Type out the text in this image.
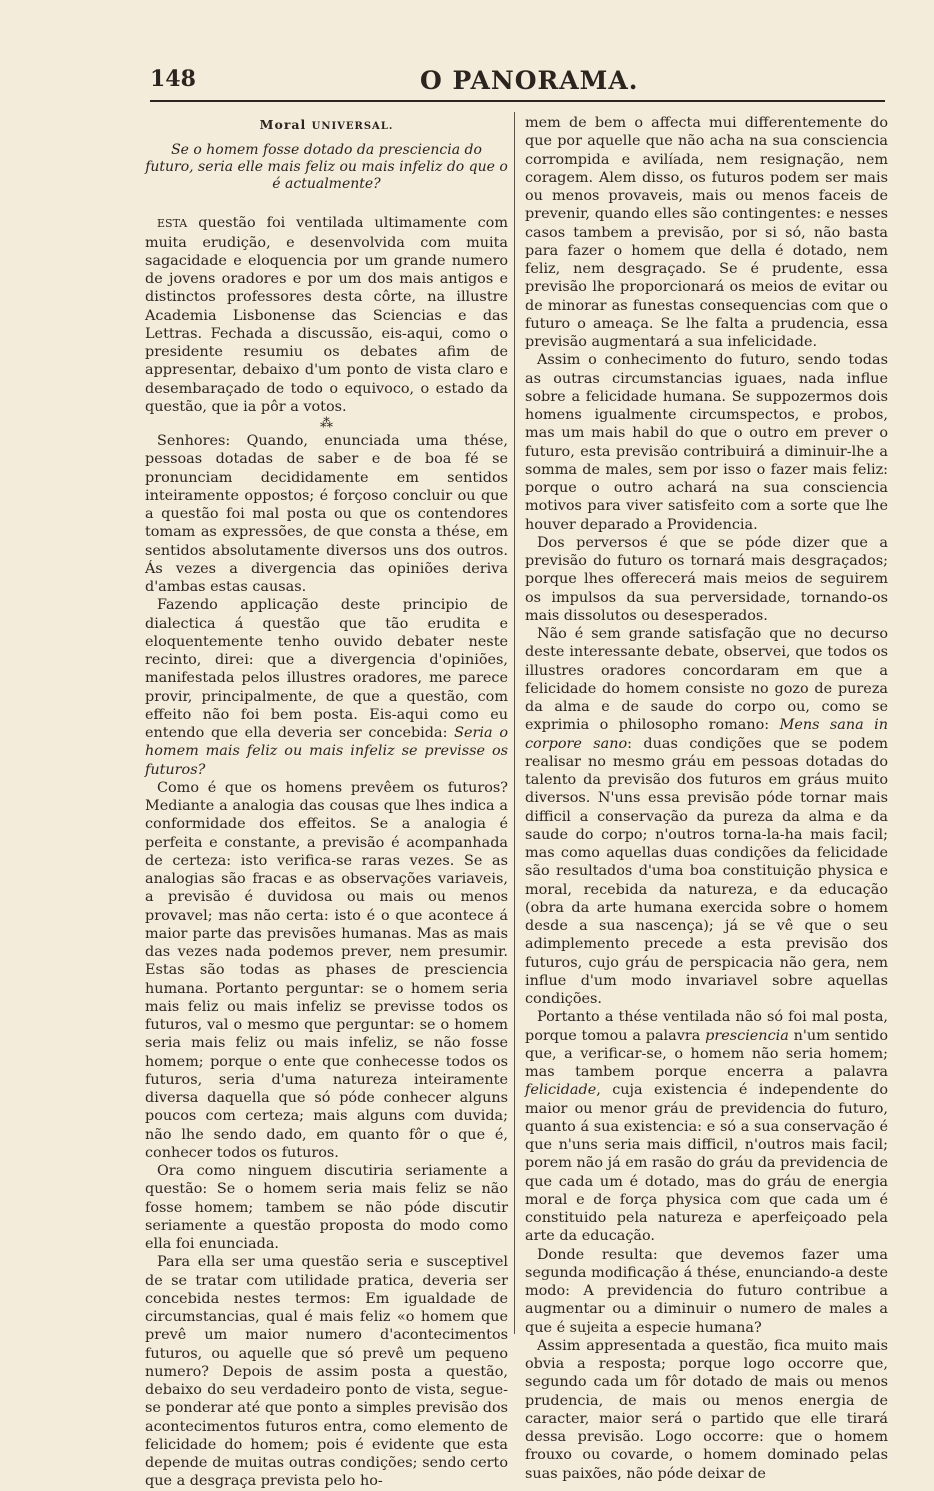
148	O PANORAMA.
Moral UNIVERSAL.
Se o homem fosse dotado da presciencia do futuro, seria elle mais feliz ou mais infeliz do que o é actualmente?

ESTA questão foi ventilada ultimamente com muita erudição, e desenvolvida com muita sagacidade e eloquencia por um grande numero de jovens oradores e por um dos mais antigos e distinctos professores desta côrte, na illustre Academia Lisbonense das Sciencias e das Lettras. Fechada a discussão, eis-aqui, como o presidente resumiu os debates afim de appresentar, debaixo d'um ponto de vista claro e desembaraçado de todo o equivoco, o estado da questão, que ia pôr a votos.

⁂

Senhores: Quando, enunciada uma thése, pessoas dotadas de saber e de boa fé se pronunciam decididamente em sentidos inteiramente oppostos; é forçoso concluir ou que a questão foi mal posta ou que os contendores tomam as expressões, de que consta a thése, em sentidos absolutamente diversos uns dos outros. Ás vezes a divergencia das opiniões deriva d'ambas estas causas.

Fazendo applicação deste principio de dialectica á questão que tão erudita e eloquentemente tenho ouvido debater neste recinto, direi: que a divergencia d'opiniões, manifestada pelos illustres oradores, me parece provir, principalmente, de que a questão, com effeito não foi bem posta. Eis-aqui como eu entendo que ella deveria ser concebida: Seria o homem mais feliz ou mais infeliz se previsse os futuros?

Como é que os homens prevêem os futuros? Mediante a analogia das cousas que lhes indica a conformidade dos effeitos. Se a analogia é perfeita e constante, a previsão é acompanhada de certeza: isto verifica-se raras vezes. Se as analogias são fracas e as observações variaveis, a previsão é duvidosa ou mais ou menos provavel; mas não certa: isto é o que acontece á maior parte das previsões humanas. Mas as mais das vezes nada podemos prever, nem presumir. Estas são todas as phases de presciencia humana. Portanto perguntar: se o homem seria mais feliz ou mais infeliz se previsse todos os futuros, val o mesmo que perguntar: se o homem seria mais feliz ou mais infeliz, se não fosse homem; porque o ente que conhecesse todos os futuros, seria d'uma natureza inteiramente diversa daquella que só póde conhecer alguns poucos com certeza; mais alguns com duvida; não lhe sendo dado, em quanto fôr o que é, conhecer todos os futuros.

Ora como ninguem discutiria seriamente a questão: Se o homem seria mais feliz se não fosse homem; tambem se não póde discutir seriamente a questão proposta do modo como ella foi enunciada.

Para ella ser uma questão seria e susceptivel de se tratar com utilidade pratica, deveria ser concebida nestes termos: Em igualdade de circumstancias, qual é mais feliz «o homem que prevê um maior numero d'acontecimentos futuros, ou aquelle que só prevê um pequeno numero? Depois de assim posta a questão, debaixo do seu verdadeiro ponto de vista, segue-se ponderar até que ponto a simples previsão dos acontecimentos futuros entra, como elemento de felicidade do homem; pois é evidente que esta depende de muitas outras condições; sendo certo que a desgraça prevista pelo ho-

mem de bem o affecta mui differentemente do que por aquelle que não acha na sua consciencia corrompida e avilíada, nem resignação, nem coragem. Alem disso, os futuros podem ser mais ou menos provaveis, mais ou menos faceis de prevenir, quando elles são contingentes: e nesses casos tambem a previsão, por si só, não basta para fazer o homem que della é dotado, nem feliz, nem desgraçado. Se é prudente, essa previsão lhe proporcionará os meios de evitar ou de minorar as funestas consequencias com que o futuro o ameaça. Se lhe falta a prudencia, essa previsão augmentará a sua infelicidade.

Assim o conhecimento do futuro, sendo todas as outras circumstancias iguaes, nada influe sobre a felicidade humana. Se suppozermos dois homens igualmente circumspectos, e probos, mas um mais habil do que o outro em prever o futuro, esta previsão contribuirá a diminuir-lhe a somma de males, sem por isso o fazer mais feliz: porque o outro achará na sua consciencia motivos para viver satisfeito com a sorte que lhe houver deparado a Providencia.

Dos perversos é que se póde dizer que a previsão do futuro os tornará mais desgraçados; porque lhes offerecerá mais meios de seguirem os impulsos da sua perversidade, tornando-os mais dissolutos ou desesperados.

Não é sem grande satisfação que no decurso deste interessante debate, observei, que todos os illustres oradores concordaram em que a felicidade do homem consiste no gozo de pureza da alma e de saude do corpo ou, como se exprimia o philosopho romano: Mens sana in corpore sano: duas condições que se podem realisar no mesmo gráu em pessoas dotadas do talento da previsão dos futuros em gráus muito diversos. N'uns essa previsão póde tornar mais difficil a conservação da pureza da alma e da saude do corpo; n'outros torna-la-ha mais facil; mas como aquellas duas condições da felicidade são resultados d'uma boa constituição physica e moral, recebida da natureza, e da educação (obra da arte humana exercida sobre o homem desde a sua nascença); já se vê que o seu adimplemento precede a esta previsão dos futuros, cujo gráu de perspicacia não gera, nem influe d'um modo invariavel sobre aquellas condições.

Portanto a thése ventilada não só foi mal posta, porque tomou a palavra presciencia n'um sentido que, a verificar-se, o homem não seria homem; mas tambem porque encerra a palavra felicidade, cuja existencia é independente do maior ou menor gráu de previdencia do futuro, quanto á sua existencia: e só a sua conservação é que n'uns seria mais difficil, n'outros mais facil; porem não já em rasão do gráu da previdencia de que cada um é dotado, mas do gráu de energia moral e de força physica com que cada um é constituido pela natureza e aperfeiçoado pela arte da educação.

Donde resulta: que devemos fazer uma segunda modificação á thése, enunciando-a deste modo: A previdencia do futuro contribue a augmentar ou a diminuir o numero de males a que é sujeita a especie humana?

Assim appresentada a questão, fica muito mais obvia a resposta; porque logo occorre que, segundo cada um fôr dotado de mais ou menos prudencia, de mais ou menos energia de caracter, maior será o partido que elle tirará dessa previsão. Logo occorre: que o homem frouxo ou covarde, o homem dominado pelas suas paixões, não póde deixar de
